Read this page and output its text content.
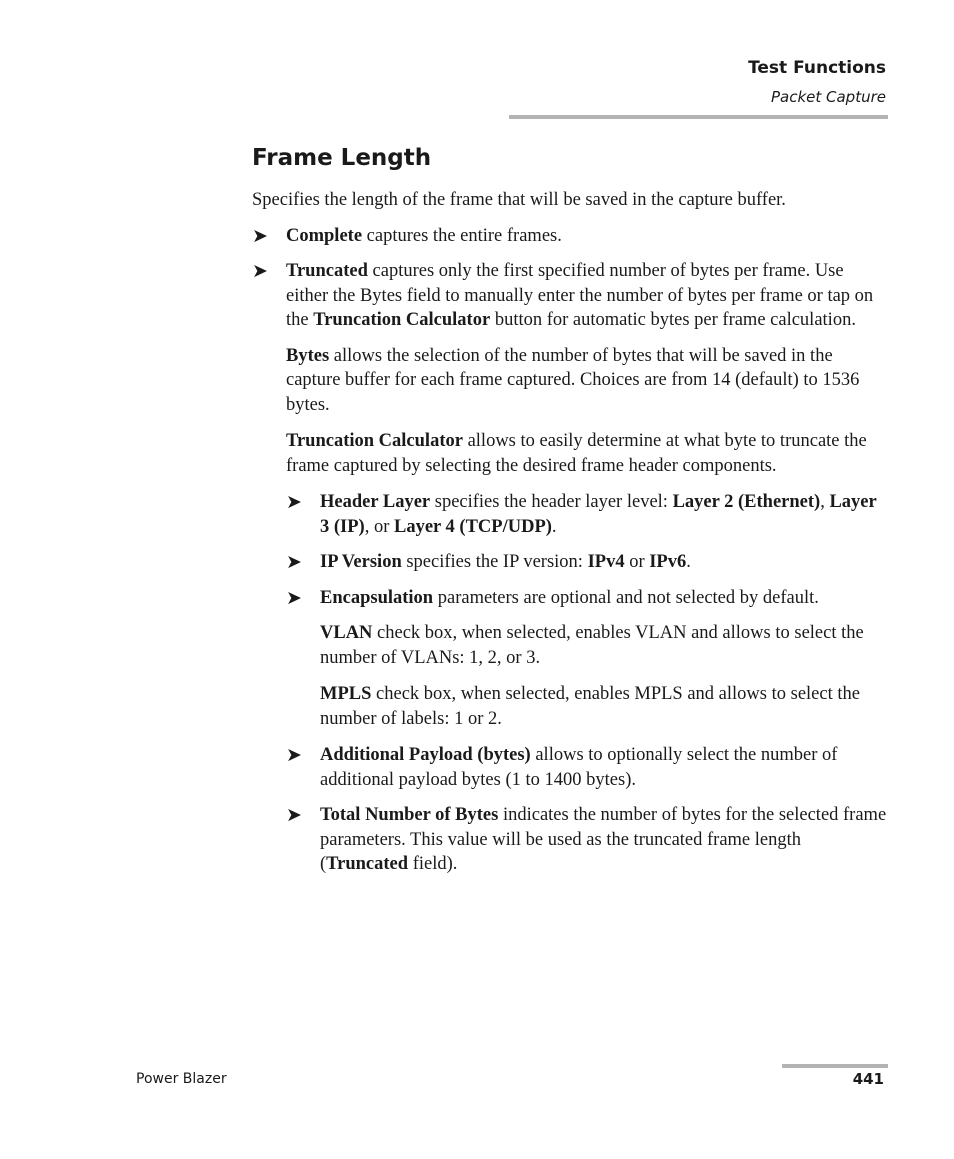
Test Functions
Packet Capture
Frame Length

Specifies the length of the frame that will be saved in the capture buffer.

➤ Complete captures the entire frames.

➤ Truncated captures only the first specified number of bytes per frame. Use either the Bytes field to manually enter the number of bytes per frame or tap on the Truncation Calculator button for automatic bytes per frame calculation.

Bytes allows the selection of the number of bytes that will be saved in the capture buffer for each frame captured. Choices are from 14 (default) to 1536 bytes.

Truncation Calculator allows to easily determine at what byte to truncate the frame captured by selecting the desired frame header components.

➤ Header Layer specifies the header layer level: Layer 2 (Ethernet), Layer 3 (IP), or Layer 4 (TCP/UDP).

➤ IP Version specifies the IP version: IPv4 or IPv6.

➤ Encapsulation parameters are optional and not selected by default.

VLAN check box, when selected, enables VLAN and allows to select the number of VLANs: 1, 2, or 3.

MPLS check box, when selected, enables MPLS and allows to select the number of labels: 1 or 2.

➤ Additional Payload (bytes) allows to optionally select the number of additional payload bytes (1 to 1400 bytes).

➤ Total Number of Bytes indicates the number of bytes for the selected frame parameters. This value will be used as the truncated frame length (Truncated field).

Power Blazer	441
